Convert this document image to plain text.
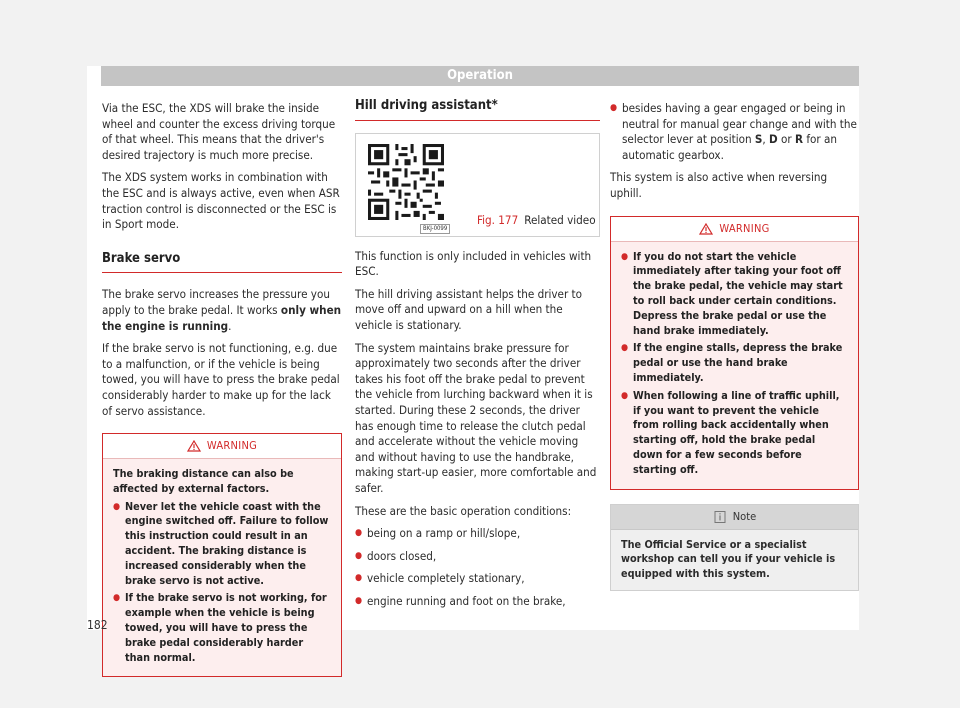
Operation

Via the ESC, the XDS will brake the inside wheel and counter the excess driving torque of that wheel. This means that the driver's desired trajectory is much more precise.

The XDS system works in combination with the ESC and is always active, even when ASR traction control is disconnected or the ESC is in Sport mode.

Brake servo

The brake servo increases the pressure you apply to the brake pedal. It works only when the engine is running.

If the brake servo is not functioning, e.g. due to a malfunction, or if the vehicle is being towed, you will have to press the brake pedal considerably harder to make up for the lack of servo assistance.

WARNING

The braking distance can also be affected by external factors.

● Never let the vehicle coast with the engine switched off. Failure to follow this instruction could result in an accident. The braking distance is increased considerably when the brake servo is not active.

● If the brake servo is not working, for example when the vehicle is being towed, you will have to press the brake pedal considerably harder than normal.

Hill driving assistant*
BKJ-0099
Fig. 177 Related video

This function is only included in vehicles with ESC.

The hill driving assistant helps the driver to move off and upward on a hill when the vehicle is stationary.

The system maintains brake pressure for approximately two seconds after the driver takes his foot off the brake pedal to prevent the vehicle from lurching backward when it is started. During these 2 seconds, the driver has enough time to release the clutch pedal and accelerate without the vehicle moving and without having to use the handbrake, making start-up easier, more comfortable and safer.

These are the basic operation conditions:

● being on a ramp or hill/slope,

● doors closed,

● vehicle completely stationary,

● engine running and foot on the brake,

● besides having a gear engaged or being in neutral for manual gear change and with the selector lever at position S, D or R for an automatic gearbox.

This system is also active when reversing uphill.

WARNING

● If you do not start the vehicle immediately after taking your foot off the brake pedal, the vehicle may start to roll back under certain conditions. Depress the brake pedal or use the hand brake immediately.

● If the engine stalls, depress the brake pedal or use the hand brake immediately.

● When following a line of traffic uphill, if you want to prevent the vehicle from rolling back accidentally when starting off, hold the brake pedal down for a few seconds before starting off.

Note
The Official Service or a specialist workshop can tell you if your vehicle is equipped with this system.
182
